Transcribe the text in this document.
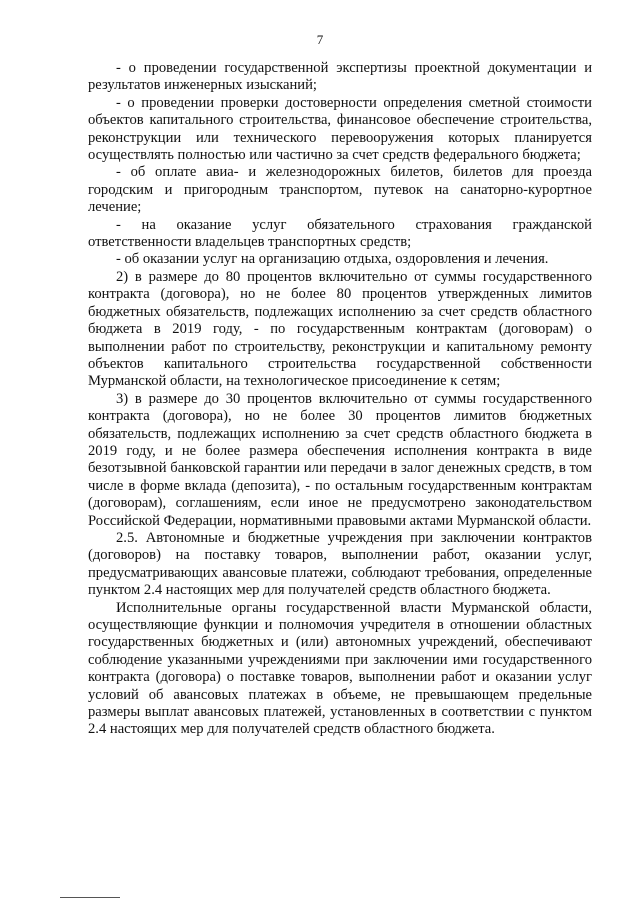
7

- о проведении государственной экспертизы проектной документации и результатов инженерных изысканий;

- о проведении проверки достоверности определения сметной стоимости объектов капитального строительства, финансовое обеспечение строительства, реконструкции или технического перевооружения которых планируется осуществлять полностью или частично за счет средств федерального бюджета;

- об оплате авиа- и железнодорожных билетов, билетов для проезда городским и пригородным транспортом, путевок на санаторно-курортное лечение;

- на оказание услуг обязательного страхования гражданской ответственности владельцев транспортных средств;

- об оказании услуг на организацию отдыха, оздоровления и лечения.

2) в размере до 80 процентов включительно от суммы государственного контракта (договора), но не более 80 процентов утвержденных лимитов бюджетных обязательств, подлежащих исполнению за счет средств областного бюджета в 2019 году, - по государственным контрактам (договорам) о выполнении работ по строительству, реконструкции и капитальному ремонту объектов капитального строительства государственной собственности Мурманской области, на технологическое присоединение к сетям;

3) в размере до 30 процентов включительно от суммы государственного контракта (договора), но не более 30 процентов лимитов бюджетных обязательств, подлежащих исполнению за счет средств областного бюджета в 2019 году, и не более размера обеспечения исполнения контракта в виде безотзывной банковской гарантии или передачи в залог денежных средств, в том числе в форме вклада (депозита), - по остальным государственным контрактам (договорам), соглашениям, если иное не предусмотрено законодательством Российской Федерации, нормативными правовыми актами Мурманской области.

2.5. Автономные и бюджетные учреждения при заключении контрактов (договоров) на поставку товаров, выполнении работ, оказании услуг, предусматривающих авансовые платежи, соблюдают требования, определенные пунктом 2.4 настоящих мер для получателей средств областного бюджета.

Исполнительные органы государственной власти Мурманской области, осуществляющие функции и полномочия учредителя в отношении областных государственных бюджетных и (или) автономных учреждений, обеспечивают соблюдение указанными учреждениями при заключении ими государственного контракта (договора) о поставке товаров, выполнении работ и оказании услуг условий об авансовых платежах в объеме, не превышающем предельные размеры выплат авансовых платежей, установленных в соответствии с пунктом 2.4 настоящих мер для получателей средств областного бюджета.
